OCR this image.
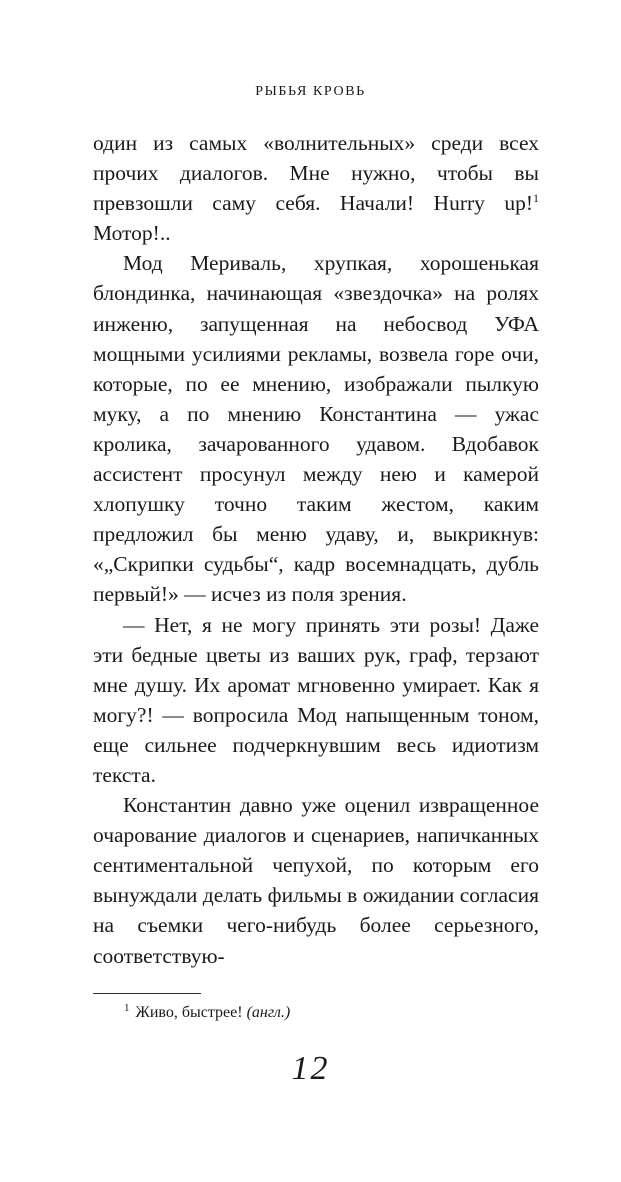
РЫБЬЯ КРОВЬ

один из самых «волнительных» среди всех прочих диалогов. Мне нужно, чтобы вы превзошли саму себя. Начали! Hurry up!$^1$ Мотор!..

Мод Мериваль, хрупкая, хорошенькая блондинка, начинающая «звездочка» на ролях инженю, запущенная на небосвод УФА мощными усилиями рекламы, возвела горе очи, которые, по ее мнению, изображали пылкую муку, а по мнению Константина — ужас кролика, зачарованного удавом. Вдобавок ассистент просунул между нею и камерой хлопушку точно таким жестом, каким предложил бы меню удаву, и, выкрикнув: «„Скрипки судьбы“, кадр восемнадцать, дубль первый!» — исчез из поля зрения.

— Нет, я не могу принять эти розы! Даже эти бедные цветы из ваших рук, граф, терзают мне душу. Их аромат мгновенно умирает. Как я могу?! — вопросила Мод напыщенным тоном, еще сильнее подчеркнувшим весь идиотизм текста.

Константин давно уже оценил изврaщенное очарование диалогов и сценариев, напичканных сентиментальной чепухой, по которым его вынуждали делать фильмы в ожидании согласия на съемки чего-нибудь более серьезного, соответствую-

$^1$ Живо, быстрее! (англ.)
12
